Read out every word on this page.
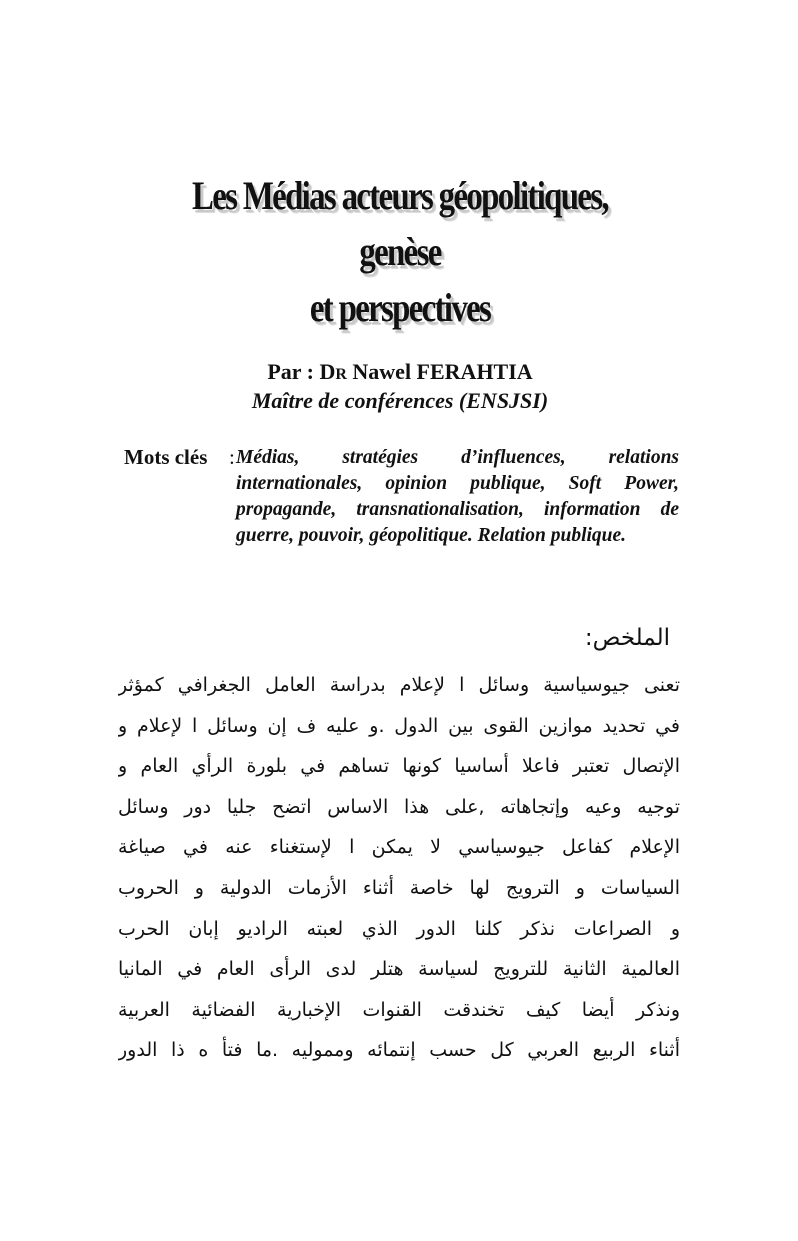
Les Médias acteurs géopolitiques, genèse
et perspectives
Par : DR Nawel FERAHTIA
Maître de conférences (ENSJSI)
Mots clés : Médias, stratégies d’influences, relations internationales, opinion publique, Soft Power, propagande, transnationalisation, information de guerre, pouvoir, géopolitique. Relation publique.
الملخص:
تعنى جيوسياسية وسائل ا لإعلام بدراسة العامل الجغرافي كمؤثر
في تحديد موازين القوى بين الدول .و عليه ف إن وسائل ا لإعلام و
الإتصال تعتبر فاعلا أساسيا كونها تساهم في بلورة الرأي العام و
توجيه وعيه وإتجاهاته ,على هذا الاساس اتضح جليا دور وسائل
الإعلام كفاعل جيوسياسي لا يمكن ا لإستغناء عنه في صياغة
السياسات و الترويج لها خاصة أثناء الأزمات الدولية و الحروب
و الصراعات نذكر كلنا الدور الذي لعبته الراديو إبان الحرب
العالمية الثانية للترويج لسياسة هتلر لدى الرأى العام في المانيا
ونذكر أيضا كيف تخندقت القنوات الإخبارية الفضائية العربية
أثناء الربيع العربي كل حسب إنتمائه ومموليه .ما فتأ ه ذا الدور
